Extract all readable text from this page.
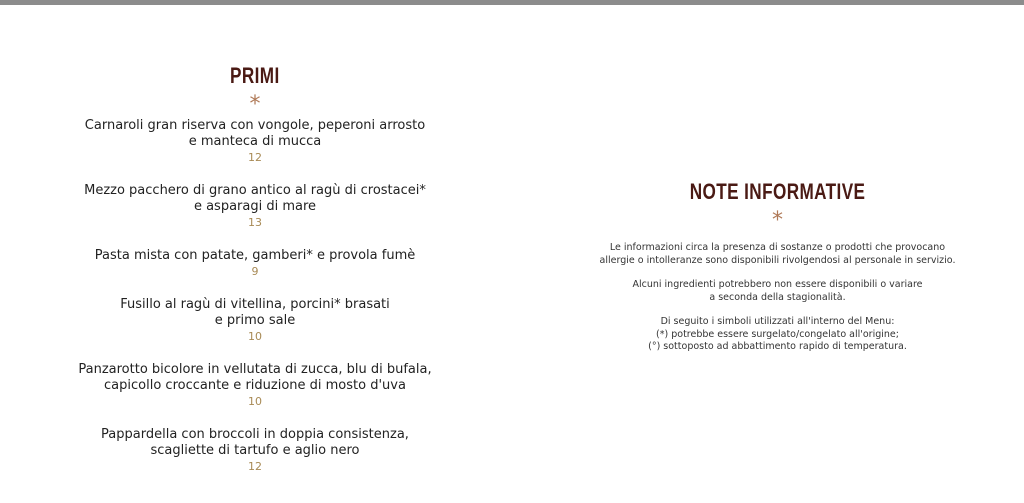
PRIMI
*
Carnaroli gran riserva con vongole, peperoni arrosto
e manteca di mucca
12
Mezzo pacchero di grano antico al ragù di crostacei*
e asparagi di mare
13
Pasta mista con patate, gamberi* e provola fumè
9
Fusillo al ragù di vitellina, porcini* brasati
e primo sale
10
Panzarotto bicolore in vellutata di zucca, blu di bufala,
capicollo croccante e riduzione di mosto d'uva
10
Pappardella con broccoli in doppia consistenza,
scagliette di tartufo e aglio nero
12
NOTE INFORMATIVE
*
Le informazioni circa la presenza di sostanze o prodotti che provocano
allergie o intolleranze sono disponibili rivolgendosi al personale in servizio.
Alcuni ingredienti potrebbero non essere disponibili o variare
a seconda della stagionalità.
Di seguito i simboli utilizzati all'interno del Menu:
(*) potrebbe essere surgelato/congelato all'origine;
(°) sottoposto ad abbattimento rapido di temperatura.
